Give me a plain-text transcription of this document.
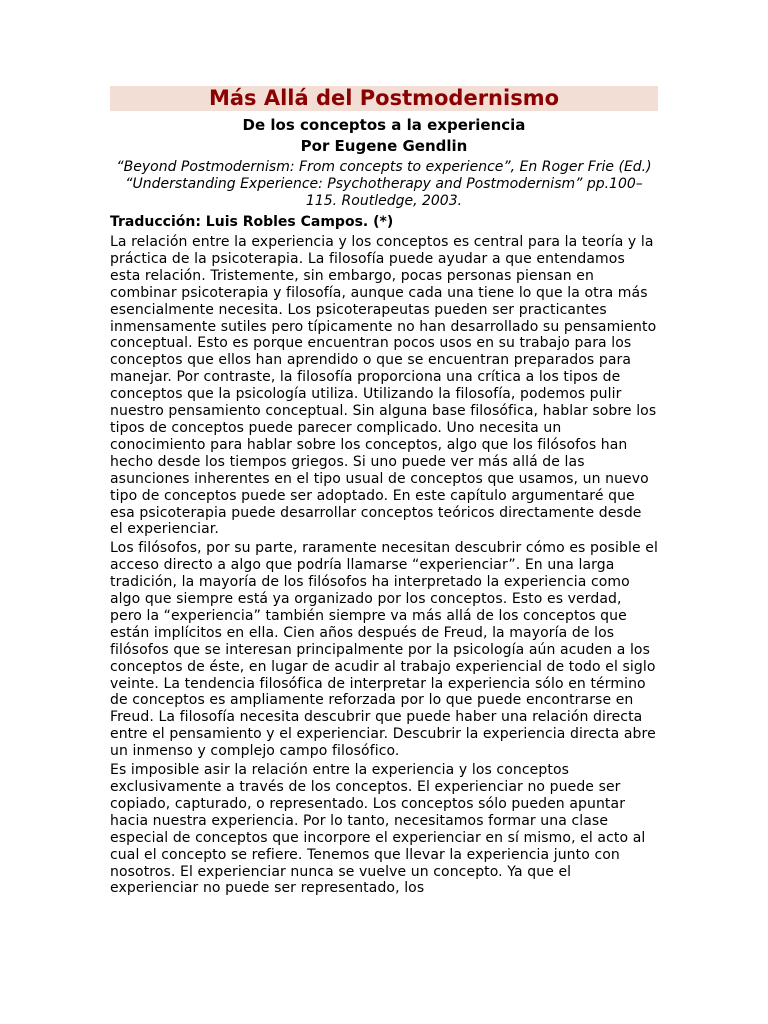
Más Allá del Postmodernismo

De los conceptos a la experiencia

Por Eugene Gendlin

“Beyond Postmodernism: From concepts to experience”, En Roger Frie (Ed.) “Understanding Experience: Psychotherapy and Postmodernism” pp.100–115. Routledge, 2003.

Traducción: Luis Robles Campos. (*)

La relación entre la experiencia y los conceptos es central para la teoría y la práctica de la psicoterapia. La filosofía puede ayudar a que entendamos esta relación. Tristemente, sin embargo, pocas personas piensan en combinar psicoterapia y filosofía, aunque cada una tiene lo que la otra más esencialmente necesita. Los psicoterapeutas pueden ser practicantes inmensamente sutiles pero típicamente no han desarrollado su pensamiento conceptual. Esto es porque encuentran pocos usos en su trabajo para los conceptos que ellos han aprendido o que se encuentran preparados para manejar. Por contraste, la filosofía proporciona una crítica a los tipos de conceptos que la psicología utiliza. Utilizando la filosofía, podemos pulir nuestro pensamiento conceptual. Sin alguna base filosófica, hablar sobre los tipos de conceptos puede parecer complicado. Uno necesita un conocimiento para hablar sobre los conceptos, algo que los filósofos han hecho desde los tiempos griegos. Si uno puede ver más allá de las asunciones inherentes en el tipo usual de conceptos que usamos, un nuevo tipo de conceptos puede ser adoptado. En este capítulo argumentaré que esa psicoterapia puede desarrollar conceptos teóricos directamente desde el experienciar.

Los filósofos, por su parte, raramente necesitan descubrir cómo es posible el acceso directo a algo que podría llamarse “experienciar”. En una larga tradición, la mayoría de los filósofos ha interpretado la experiencia como algo que siempre está ya organizado por los conceptos. Esto es verdad, pero la “experiencia” también siempre va más allá de los conceptos que están implícitos en ella. Cien años después de Freud, la mayoría de los filósofos que se interesan principalmente por la psicología aún acuden a los conceptos de éste, en lugar de acudir al trabajo experiencial de todo el siglo veinte. La tendencia filosófica de interpretar la experiencia sólo en término de conceptos es ampliamente reforzada por lo que puede encontrarse en Freud. La filosofía necesita descubrir que puede haber una relación directa entre el pensamiento y el experienciar. Descubrir la experiencia directa abre un inmenso y complejo campo filosófico.

Es imposible asir la relación entre la experiencia y los conceptos exclusivamente a través de los conceptos. El experienciar no puede ser copiado, capturado, o representado. Los conceptos sólo pueden apuntar hacia nuestra experiencia. Por lo tanto, necesitamos formar una clase especial de conceptos que incorpore el experienciar en sí mismo, el acto al cual el concepto se refiere. Tenemos que llevar la experiencia junto con nosotros. El experienciar nunca se vuelve un concepto. Ya que el experienciar no puede ser representado, los
